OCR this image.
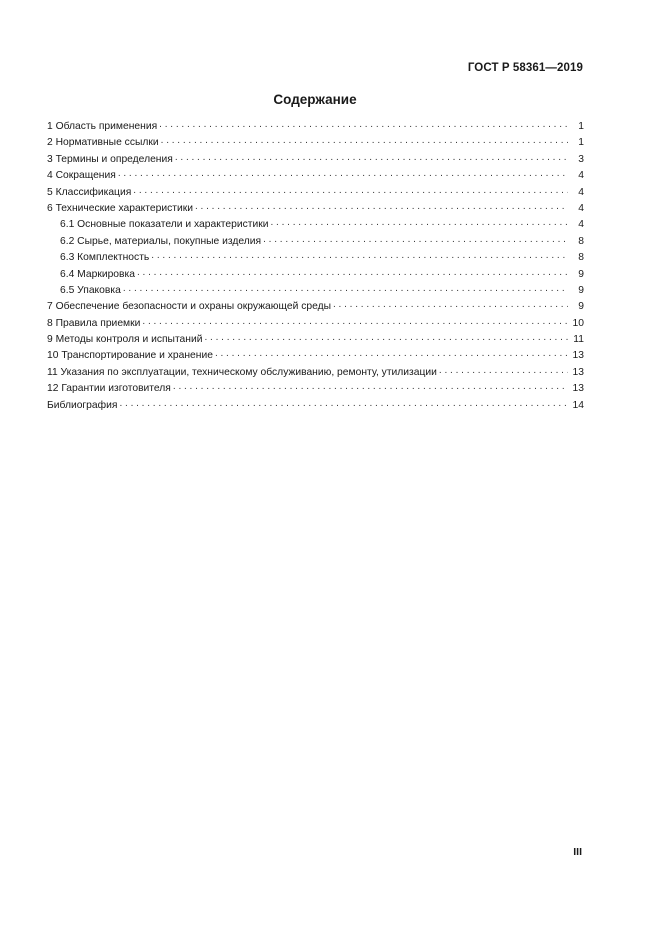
ГОСТ Р 58361—2019
Содержание
1 Область применения . . .	1
2 Нормативные ссылки . . .	1
3 Термины и определения . . .	3
4 Сокращения . . .	4
5 Классификация . . .	4
6 Технические характеристики . . .	4
6.1 Основные показатели и характеристики . . .	4
6.2 Сырье, материалы, покупные изделия . . .	8
6.3 Комплектность . . .	8
6.4 Маркировка . . .	9
6.5 Упаковка . . .	9
7 Обеспечение безопасности и охраны окружающей среды . . .	9
8 Правила приемки . . .	10
9 Методы контроля и испытаний . . .	11
10 Транспортирование и хранение . . .	13
11 Указания по эксплуатации, техническому обслуживанию, ремонту, утилизации . . .	13
12 Гарантии изготовителя . . .	13
Библиография . . .	14
III
